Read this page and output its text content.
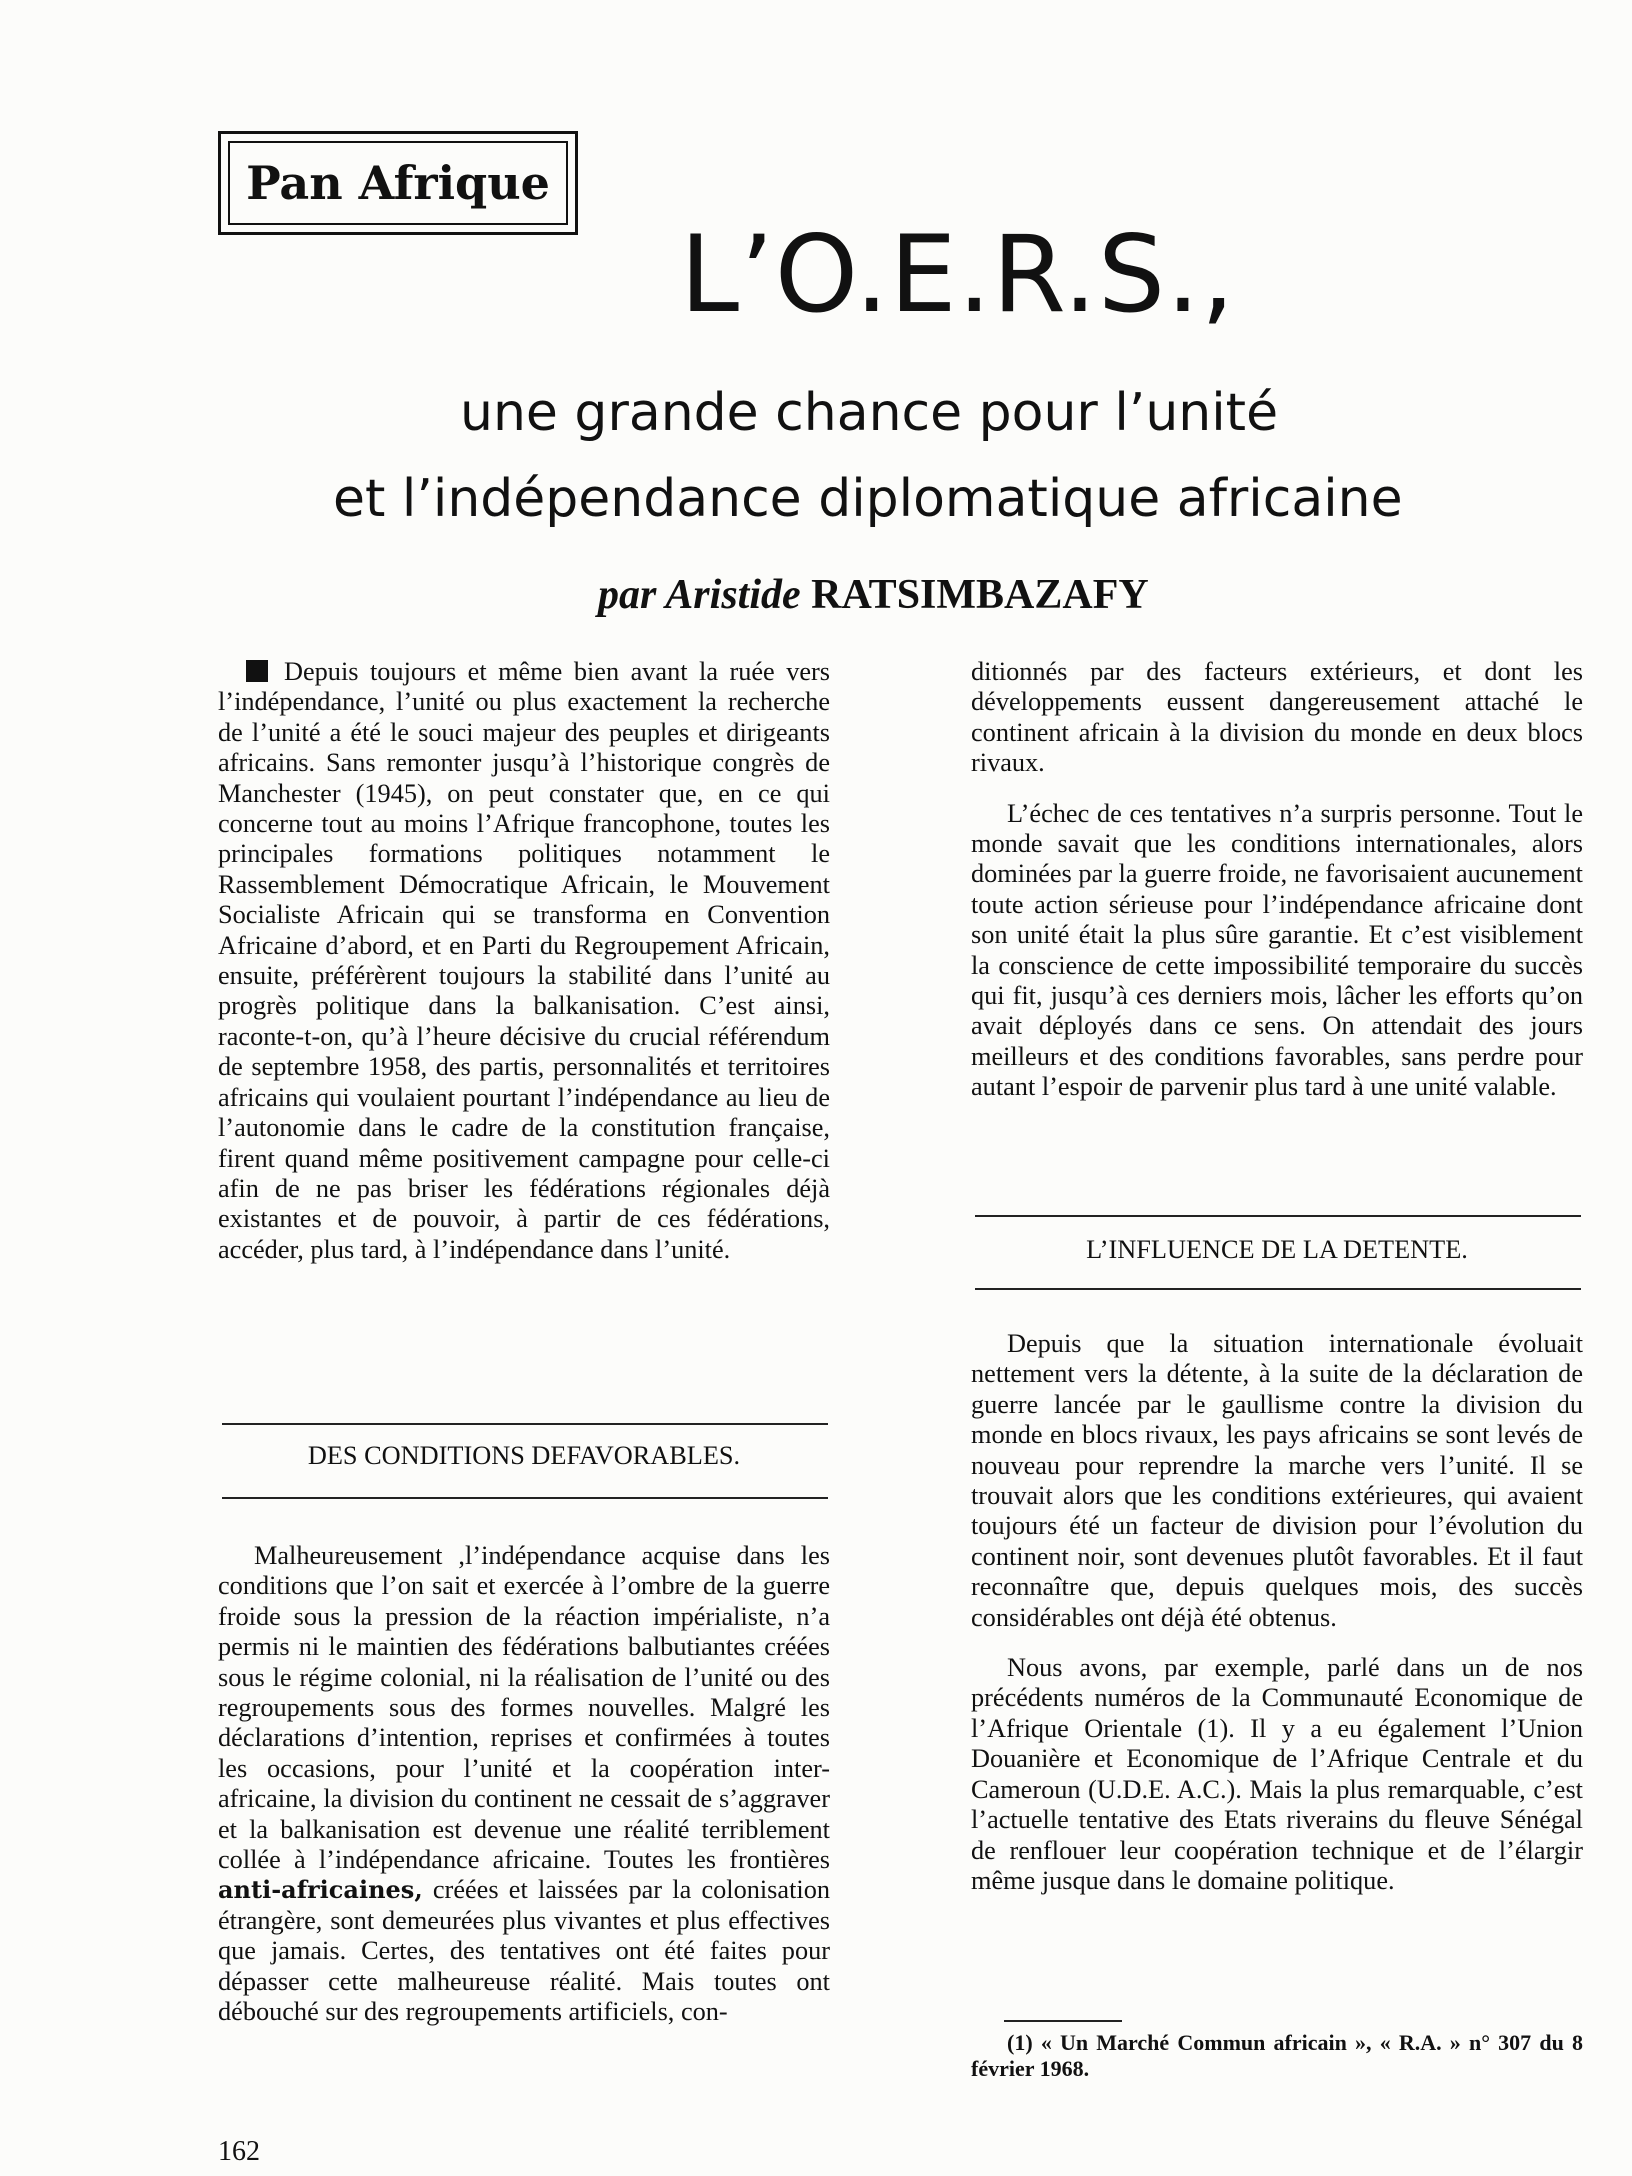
Pan Afrique
L’O.E.R.S.,
une grande chance pour l’unité
et l’indépendance diplomatique africaine
par Aristide RATSIMBAZAFY

Depuis toujours et même bien avant la ruée vers l’indépendance, l’unité ou plus exactement la recherche de l’unité a été le souci majeur des peuples et dirigeants africains. Sans remonter jusqu’à l’historique congrès de Manchester (1945), on peut constater que, en ce qui concerne tout au moins l’Afrique francophone, toutes les principales formations politiques notamment le Rassemblement Démocratique Africain, le Mouvement Socialiste Africain qui se transforma en Convention Africaine d’abord, et en Parti du Regroupement Africain, ensuite, préférèrent toujours la stabilité dans l’unité au progrès politique dans la balkanisation. C’est ainsi, raconte-t-on, qu’à l’heure décisive du crucial référendum de septembre 1958, des partis, personnalités et territoires africains qui voulaient pourtant l’indépendance au lieu de l’autonomie dans le cadre de la constitution française, firent quand même positivement campagne pour celle-ci afin de ne pas briser les fédérations régionales déjà existantes et de pouvoir, à partir de ces fédérations, accéder, plus tard, à l’indépendance dans l’unité.

DES CONDITIONS DEFAVORABLES.

Malheureusement ,l’indépendance acquise dans les conditions que l’on sait et exercée à l’ombre de la guerre froide sous la pression de la réaction impérialiste, n’a permis ni le maintien des fédérations balbutiantes créées sous le régime colonial, ni la réalisation de l’unité ou des regroupements sous des formes nouvelles. Malgré les déclarations d’intention, reprises et confirmées à toutes les occasions, pour l’unité et la coopération inter-africaine, la division du continent ne cessait de s’aggraver et la balkanisation est devenue une réalité terriblement collée à l’indépendance africaine. Toutes les frontières anti-africaines, créées et laissées par la colonisation étrangère, sont demeurées plus vivantes et plus effectives que jamais. Certes, des tentatives ont été faites pour dépasser cette malheureuse réalité. Mais toutes ont débouché sur des regroupements artificiels, con-

ditionnés par des facteurs extérieurs, et dont les développements eussent dangereusement attaché le continent africain à la division du monde en deux blocs rivaux.

L’échec de ces tentatives n’a surpris personne. Tout le monde savait que les conditions internationales, alors dominées par la guerre froide, ne favorisaient aucunement toute action sérieuse pour l’indépendance africaine dont son unité était la plus sûre garantie. Et c’est visiblement la conscience de cette impossibilité temporaire du succès qui fit, jusqu’à ces derniers mois, lâcher les efforts qu’on avait déployés dans ce sens. On attendait des jours meilleurs et des conditions favorables, sans perdre pour autant l’espoir de parvenir plus tard à une unité valable.

L’INFLUENCE DE LA DETENTE.

Depuis que la situation internationale évoluait nettement vers la détente, à la suite de la déclaration de guerre lancée par le gaullisme contre la division du monde en blocs rivaux, les pays africains se sont levés de nouveau pour reprendre la marche vers l’unité. Il se trouvait alors que les conditions extérieures, qui avaient toujours été un facteur de division pour l’évolution du continent noir, sont devenues plutôt favorables. Et il faut reconnaître que, depuis quelques mois, des succès considérables ont déjà été obtenus.

Nous avons, par exemple, parlé dans un de nos précédents numéros de la Communauté Economique de l’Afrique Orientale (1). Il y a eu également l’Union Douanière et Economique de l’Afrique Centrale et du Cameroun (U.D.E. A.C.). Mais la plus remarquable, c’est l’actuelle tentative des Etats riverains du fleuve Sénégal de renflouer leur coopération technique et de l’élargir même jusque dans le domaine politique.

(1) « Un Marché Commun africain », « R.A. » n° 307 du 8 février 1968.
162
